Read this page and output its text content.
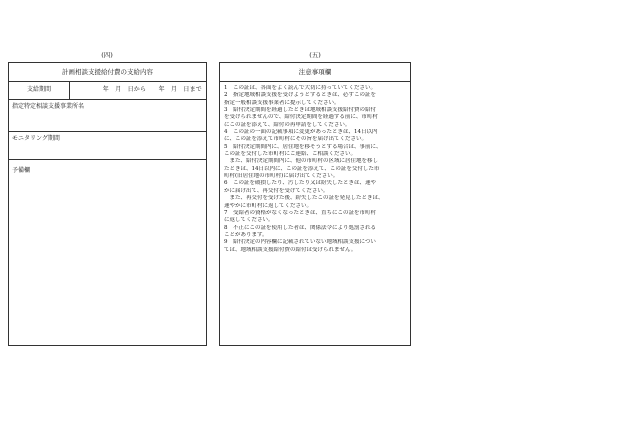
(四)	(五)
計画相談支援給付費の支給内容
支給期間	年　月　日から　　年　月　日まで
指定特定相談支援事業所名
モニタリング期間
予備欄
注意事項欄
1　この証は、各面をよく読んで大切に持っていてください。
2　指定地域相談支援を受けようとするときは、必ずこの証を
指定一般相談支援事業者に提示してください。
3　給付決定期間を経過したときは地域相談支援給付費の給付
を受けられませんので、給付決定期間を経過する前に、市町村
にこの証を添えて、給付の再申請をしてください。
4　この証の一面の記載事項に変更があったときは、14日以内
に、この証を添えて市町村にその旨を届け出てください。
5　給付決定期間内に、居住地を移そうとする場合は、事前に、
この証を交付した市町村にご連絡、ご相談ください。
　また、給付決定期間内に、他の市町村の区域に居住地を移し
たときは、14日以内に、この証を添えて、この証を交付した市
町村(旧居住地の市町村)に届け出てください。
6　この証を破損したり、汚したり又は紛失したときは、速や
かに届け出て、再交付を受けてください。
　また、再交付を受けた後、紛失したこの証を発見したときは、
速やかに市町村に返してください。
7　受給者の資格がなくなったときは、直ちにこの証を市町村
に返してください。
8　不正にこの証を使用した者は、関係法令により処罰される
ことがあります。
9　給付決定の内容欄に記載されていない地域相談支援につい
ては、地域相談支援給付費の給付は受けられません。
